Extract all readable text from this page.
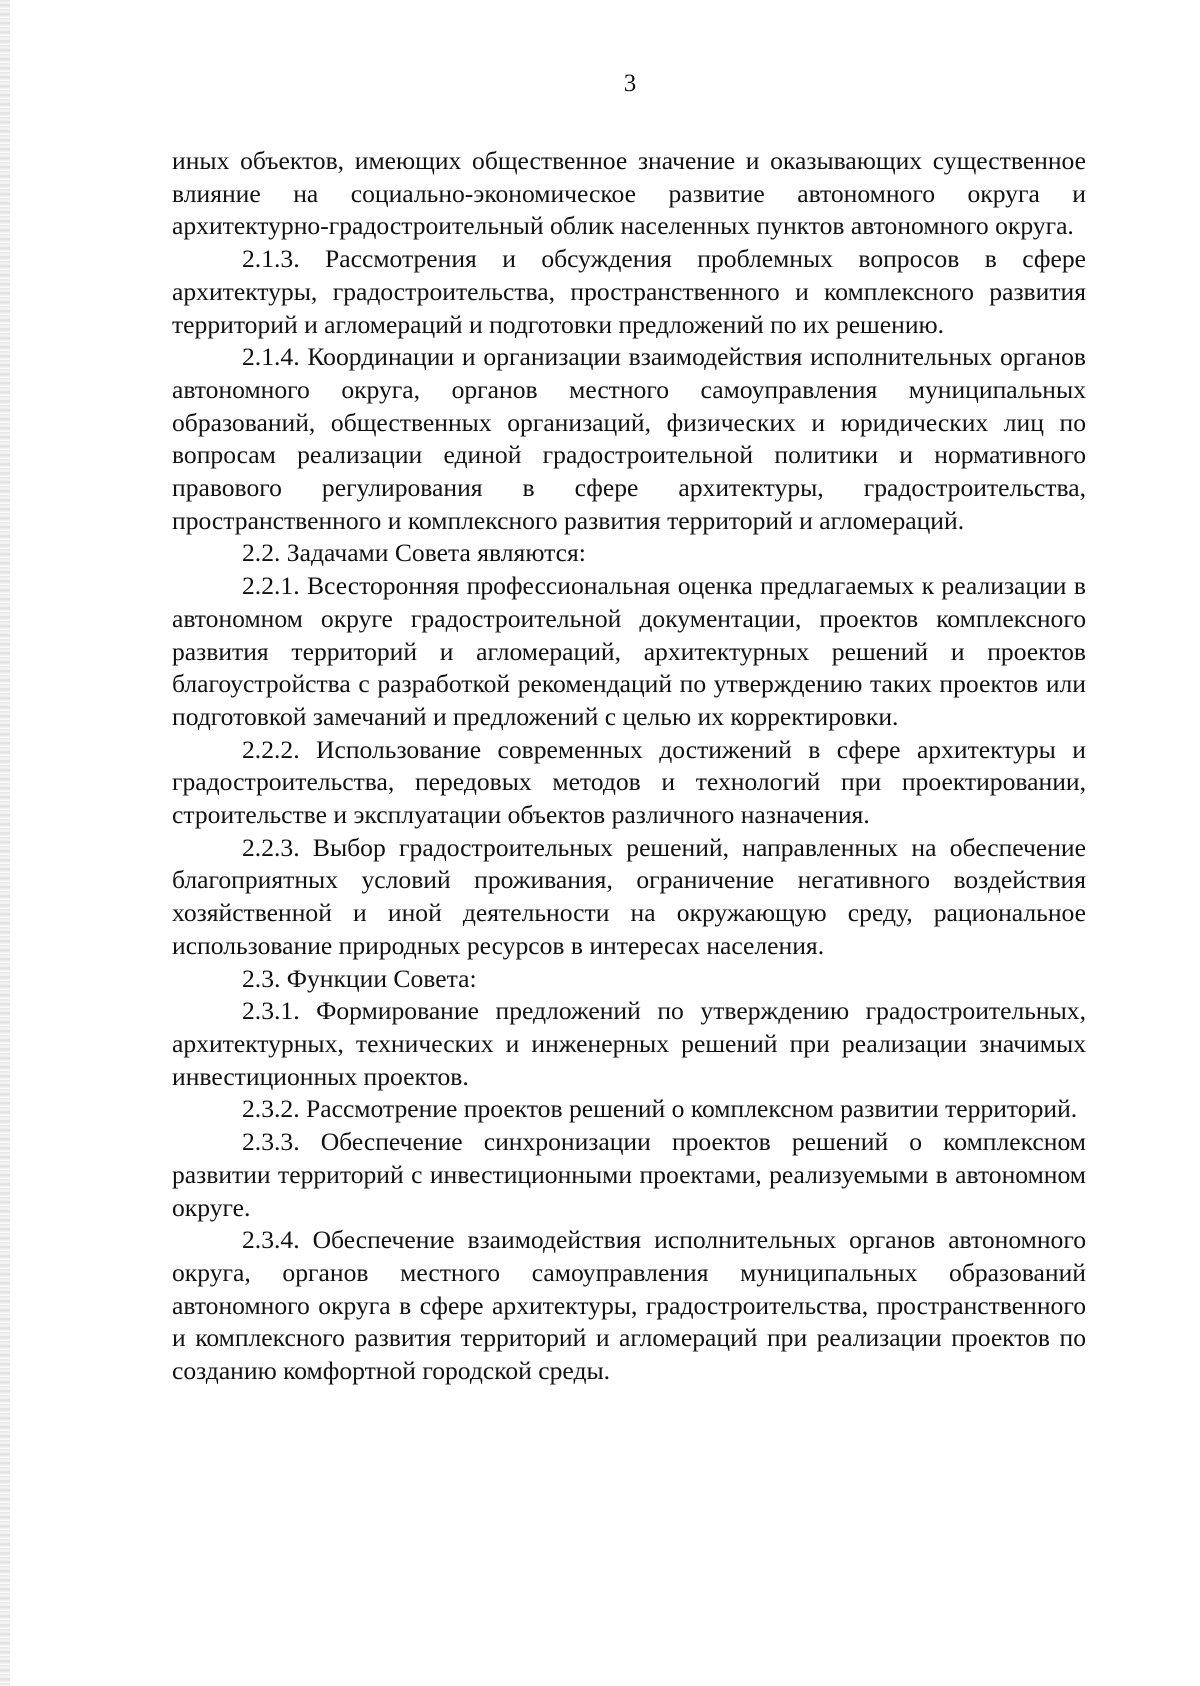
3

иных объектов, имеющих общественное значение и оказывающих существенное влияние на социально-экономическое развитие автономного округа и архитектурно-градостроительный облик населенных пунктов автономного округа.

2.1.3. Рассмотрения и обсуждения проблемных вопросов в сфере архитектуры, градостроительства, пространственного и комплексного развития территорий и агломераций и подготовки предложений по их решению.

2.1.4. Координации и организации взаимодействия исполнительных органов автономного округа, органов местного самоуправления муниципальных образований, общественных организаций, физических и юридических лиц по вопросам реализации единой градостроительной политики и нормативного правового регулирования в сфере архитектуры, градостроительства, пространственного и комплексного развития территорий и агломераций.

2.2. Задачами Совета являются:

2.2.1. Всесторонняя профессиональная оценка предлагаемых к реализации в автономном округе градостроительной документации, проектов комплексного развития территорий и агломераций, архитектурных решений и проектов благоустройства с разработкой рекомендаций по утверждению таких проектов или подготовкой замечаний и предложений с целью их корректировки.

2.2.2. Использование современных достижений в сфере архитектуры и градостроительства, передовых методов и технологий при проектировании, строительстве и эксплуатации объектов различного назначения.

2.2.3. Выбор градостроительных решений, направленных на обеспечение благоприятных условий проживания, ограничение негативного воздействия хозяйственной и иной деятельности на окружающую среду, рациональное использование природных ресурсов в интересах населения.

2.3. Функции Совета:

2.3.1. Формирование предложений по утверждению градостроительных, архитектурных, технических и инженерных решений при реализации значимых инвестиционных проектов.

2.3.2. Рассмотрение проектов решений о комплексном развитии территорий.

2.3.3. Обеспечение синхронизации проектов решений о комплексном развитии территорий с инвестиционными проектами, реализуемыми в автономном округе.

2.3.4. Обеспечение взаимодействия исполнительных органов автономного округа, органов местного самоуправления муниципальных образований автономного округа в сфере архитектуры, градостроительства, пространственного и комплексного развития территорий и агломераций при реализации проектов по созданию комфортной городской среды.
